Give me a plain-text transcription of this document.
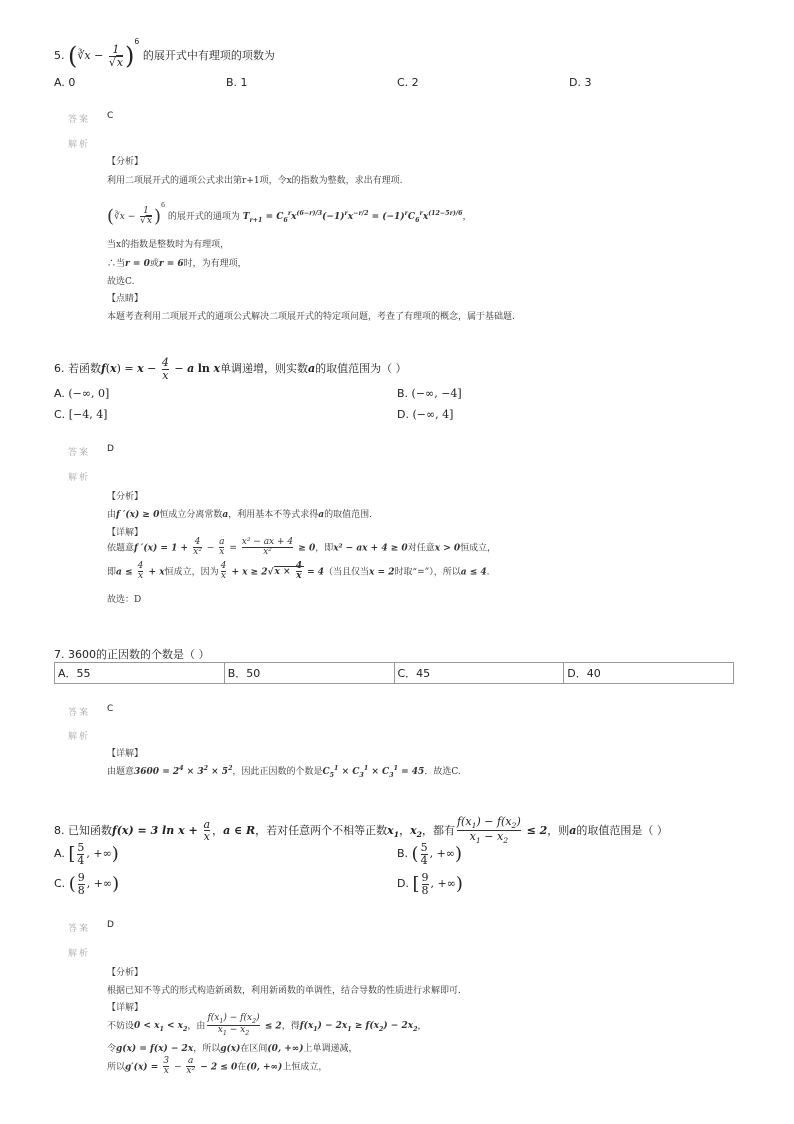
5. (∛x − $\frac{1}{√x} )^6$ 的展开式中有理项的项数为
A. 0	B. 1	C. 2	D. 3
答案 C
解析
【分析】
利用二项展开式的通项公式求出第r+1项，令x的指数为整数，求出有理项.
(∛x − $\frac{1}{√x} )^6$ 的展开式的通项为 $T_{r+1} = C_6^rx^{(6-r)/3}(-1)^rx^{-r/2} = (-1)^rC_6^rx^{(12-5r)/6}$，
当x的指数是整数时为有理项，
∴当r = 0或r = 6时，为有理项，
故选C.
【点睛】
本题考查利用二项展开式的通项公式解决二项展开式的特定项问题，考查了有理项的概念，属于基础题.
6. 若函数$f(x) = x - \frac{4}{x} - a$ ln x单调递增，则实数a的取值范围为（ ）
A. (−∞, 0]	B. (−∞, −4]
C. [−4, 4]	D. (−∞, 4]
答案 D
解析
【分析】
由f ′(x) ≥ 0恒成立分离常数a，利用基本不等式求得a的取值范围.
【详解】
依题意f $'(x) = 1 + \frac{4}{\text{x²}} - \frac{a}{x} = \frac{\text{x² − ax + 4}}{\text{x²}} \ge 0$，即x² − ax + 4 ≥ 0对任意x > 0恒成立，
即$a \le \frac{4}{x} + x$恒成立，因为 $\frac{4}{x} + x \ge 2√x \times \frac{4}{x} = 4$（当且仅当x = 2时取“=”），所以a ≤ 4.
故选：D
7. 3600的正因数的个数是（ ）
A．55	B．50	C．45	D．40
答案 C
解析
【详解】
由题意$3600 = 2^4 \times 3^2 \times 5^2$，因此正因数的个数是$C_5^1 \times C_3^1 \times C_3^1 = 45$．故选C.
8. 已知函数f(x) = 3 $\ln x + \frac{a}{x}$ ，a ∈ R，若对任意两个不相等正数$x_1$，$x_2$，都有 $\frac{f(x_1) - f(x_2)}{x_1 - x_2} \le 2$，则a的取值范围是（ ）
A. [ $\frac{5}{4}$ , +∞)	B. ( $\frac{5}{4}$ , +∞)
C. ( $\frac{9}{8}$ , +∞)	D. [ $\frac{9}{8}$ , +∞)
答案 D
解析
【分析】
根据已知不等式的形式构造新函数，利用新函数的单调性，结合导数的性质进行求解即可.
【详解】
不妨设$0 < x_1 < x_2$，由 $\frac{f(x_1) - f(x_2)}{x_1 - x_2} \le 2$，得$f(x_1) - 2x_1 \ge f(x_2) - 2x_2$，
令g(x) = f(x) − 2x，所以g(x)在区间(0, +∞)上单调递减，
所以$g'(x) = \frac{3}{x} - \frac{a}{\text{x²}} - 2 \le 0$在(0, +∞)上恒成立，
